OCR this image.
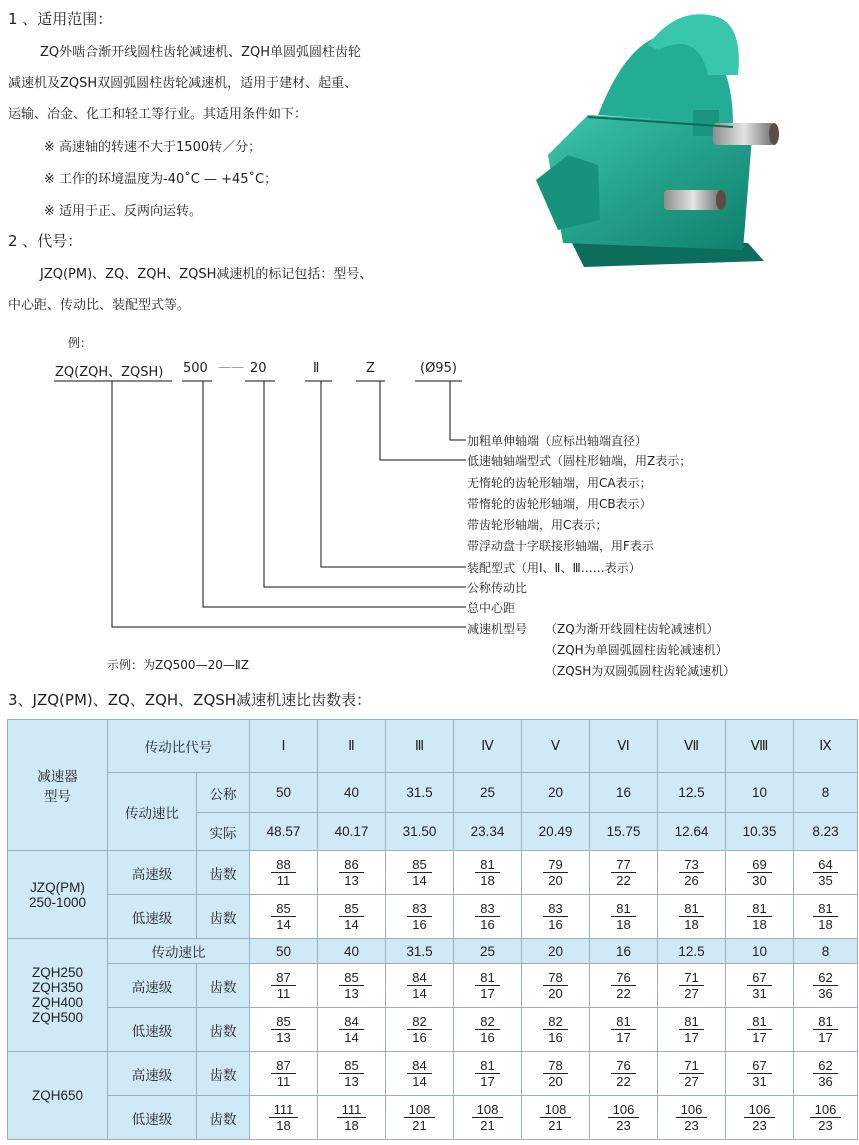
1 、适用范围：
ZQ外啮合渐开线圆柱齿轮减速机、ZQH单圆弧圆柱齿轮
减速机及ZQSH双圆弧圆柱齿轮减速机，适用于建材、起重、
运输、冶金、化工和轻工等行业。其适用条件如下：
※ 高速轴的转速不大于1500转／分；
※ 工作的环境温度为-40˚C — +45˚C；
※ 适用于正、反两向运转。
2 、代号：
JZQ(PM)、ZQ、ZQH、ZQSH减速机的标记包括：型号、
中心距、传动比、装配型式等。
例：
ZQ(ZQH、ZQSH) 500 —— 20	Ⅱ	Z	(Ø95)
加粗单伸轴端（应标出轴端直径）
低速轴轴端型式（圆柱形轴端，用Z表示；
无惰轮的齿轮形轴端，用CA表示；
带惰轮的齿轮形轴端，用CB表示）
带齿轮形轴端，用C表示；
带浮动盘十字联接形轴端，用F表示
装配型式（用Ⅰ、Ⅱ、Ⅲ……表示）
公称传动比
总中心距
减速机型号 （ZQ为渐开线圆柱齿轮减速机）
（ZQH为单圆弧圆柱齿轮减速机）
（ZQSH为双圆弧圆柱齿轮减速机）
示例：为ZQ500—20—ⅡZ
3、JZQ(PM)、ZQ、ZQH、ZQSH减速机速比齿数表：
减速器
型号	传动比代号		Ⅰ	Ⅱ	Ⅲ	Ⅳ	Ⅴ	Ⅵ	Ⅶ	Ⅷ	Ⅸ
	传动速比	公称	50	40	31.5	25	20	16	12.5	10	8
		实际	48.57	40.17	31.50	23.34	20.49	15.75	12.64	10.35	8.23
JZQ(PM)
250-1000	高速级	齿数	$\frac{88}{11}$	$\frac{86}{13}$	$\frac{85}{14}$	$\frac{81}{18}$	$\frac{79}{20}$	$\frac{77}{22}$	$\frac{73}{26}$	$\frac{69}{30}$	$\frac{64}{35}$

	低速级	齿数	$\frac{85}{14}$	$\frac{85}{14}$	$\frac{83}{16}$	$\frac{83}{16}$	$\frac{83}{16}$	$\frac{81}{18}$	$\frac{81}{18}$	$\frac{81}{18}$	$\frac{81}{18}$

ZQH250
ZQH350
ZQH400
ZQH500	传动速比		50	40	31.5	25	20	16	12.5	10	8
	高速级	齿数	$\frac{87}{11}$	$\frac{85}{13}$	$\frac{84}{14}$	$\frac{81}{17}$	$\frac{78}{20}$	$\frac{76}{22}$	$\frac{71}{27}$	$\frac{67}{31}$	$\frac{62}{36}$

	低速级	齿数	$\frac{85}{13}$	$\frac{84}{14}$	$\frac{82}{16}$	$\frac{82}{16}$	$\frac{82}{16}$	$\frac{81}{17}$	$\frac{81}{17}$	$\frac{81}{17}$	$\frac{81}{17}$

ZQH650	高速级	齿数	$\frac{87}{11}$	$\frac{85}{13}$	$\frac{84}{14}$	$\frac{81}{17}$	$\frac{78}{20}$	$\frac{76}{22}$	$\frac{71}{27}$	$\frac{67}{31}$	$\frac{62}{36}$

	低速级	齿数	$\frac{111}{18}$	$\frac{111}{18}$	$\frac{108}{21}$	$\frac{108}{21}$	$\frac{108}{21}$	$\frac{106}{23}$	$\frac{106}{23}$	$\frac{106}{23}$	$\frac{106}{23}$
